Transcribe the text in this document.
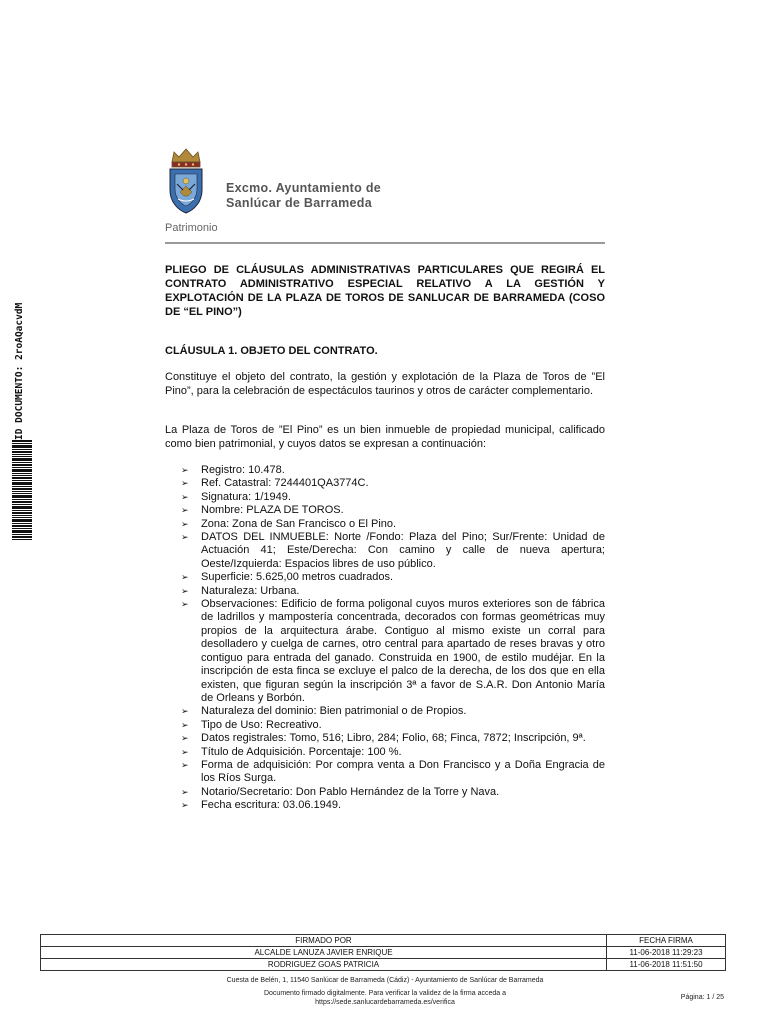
ID DOCUMENTO: 2roAQacvdM
Excmo. Ayuntamiento de
Sanlúcar de Barrameda
Patrimonio
PLIEGO DE CLÁUSULAS ADMINISTRATIVAS PARTICULARES QUE REGIRÁ EL CONTRATO ADMINISTRATIVO ESPECIAL RELATIVO A LA GESTIÓN Y EXPLOTACIÓN DE LA PLAZA DE TOROS DE SANLUCAR DE BARRAMEDA (COSO DE “EL PINO”)
CLÁUSULA 1. OBJETO DEL CONTRATO.
Constituye el objeto del contrato, la gestión y explotación de la Plaza de Toros de ”El Pino”, para la celebración de espectáculos taurinos y otros de carácter complementario.
La Plaza de Toros de ”El Pino” es un bien inmueble de propiedad municipal, calificado como bien patrimonial, y cuyos datos se expresan a continuación:
➢ Registro: 10.478.
➢ Ref. Catastral: 7244401QA3774C.
➢ Signatura: 1/1949.
➢ Nombre: PLAZA DE TOROS.
➢ Zona: Zona de San Francisco o El Pino.
➢ DATOS DEL INMUEBLE: Norte /Fondo: Plaza del Pino; Sur/Frente: Unidad de Actuación 41; Este/Derecha: Con camino y calle de nueva apertura; Oeste/Izquierda: Espacios libres de uso público.
➢ Superficie: 5.625,00 metros cuadrados.
➢ Naturaleza: Urbana.
➢ Observaciones: Edificio de forma poligonal cuyos muros exteriores son de fábrica de ladrillos y mampostería concentrada, decorados con formas geométricas muy propios de la arquitectura árabe. Contiguo al mismo existe un corral para desolladero y cuelga de carnes, otro central para apartado de reses bravas y otro contiguo para entrada del ganado. Construida en 1900, de estilo mudéjar. En la inscripción de esta finca se excluye el palco de la derecha, de los dos que en ella existen, que figuran según la inscripción 3ª a favor de S.A.R. Don Antonio María de Orleans y Borbón.
➢ Naturaleza del dominio: Bien patrimonial o de Propios.
➢ Tipo de Uso: Recreativo.
➢ Datos registrales: Tomo, 516; Libro, 284; Folio, 68; Finca, 7872; Inscripción, 9ª.
➢ Título de Adquisición. Porcentaje: 100 %.
➢ Forma de adquisición: Por compra venta a Don Francisco y a Doña Engracia de los Ríos Surga.
➢ Notario/Secretario: Don Pablo Hernández de la Torre y Nava.
➢ Fecha escritura: 03.06.1949.
FIRMADO POR	FECHA FIRMA
ALCALDE LANUZA JAVIER ENRIQUE	11-06-2018 11:29:23
RODRIGUEZ GOAS PATRICIA	11-06-2018 11:51:50
Cuesta de Belén, 1, 11540 Sanlúcar de Barrameda (Cádiz) - Ayuntamiento de Sanlúcar de Barrameda
Documento firmado digitalmente. Para verificar la validez de la firma acceda a
https://sede.sanlucardebarrameda.es/verifica
Página: 1 / 25
